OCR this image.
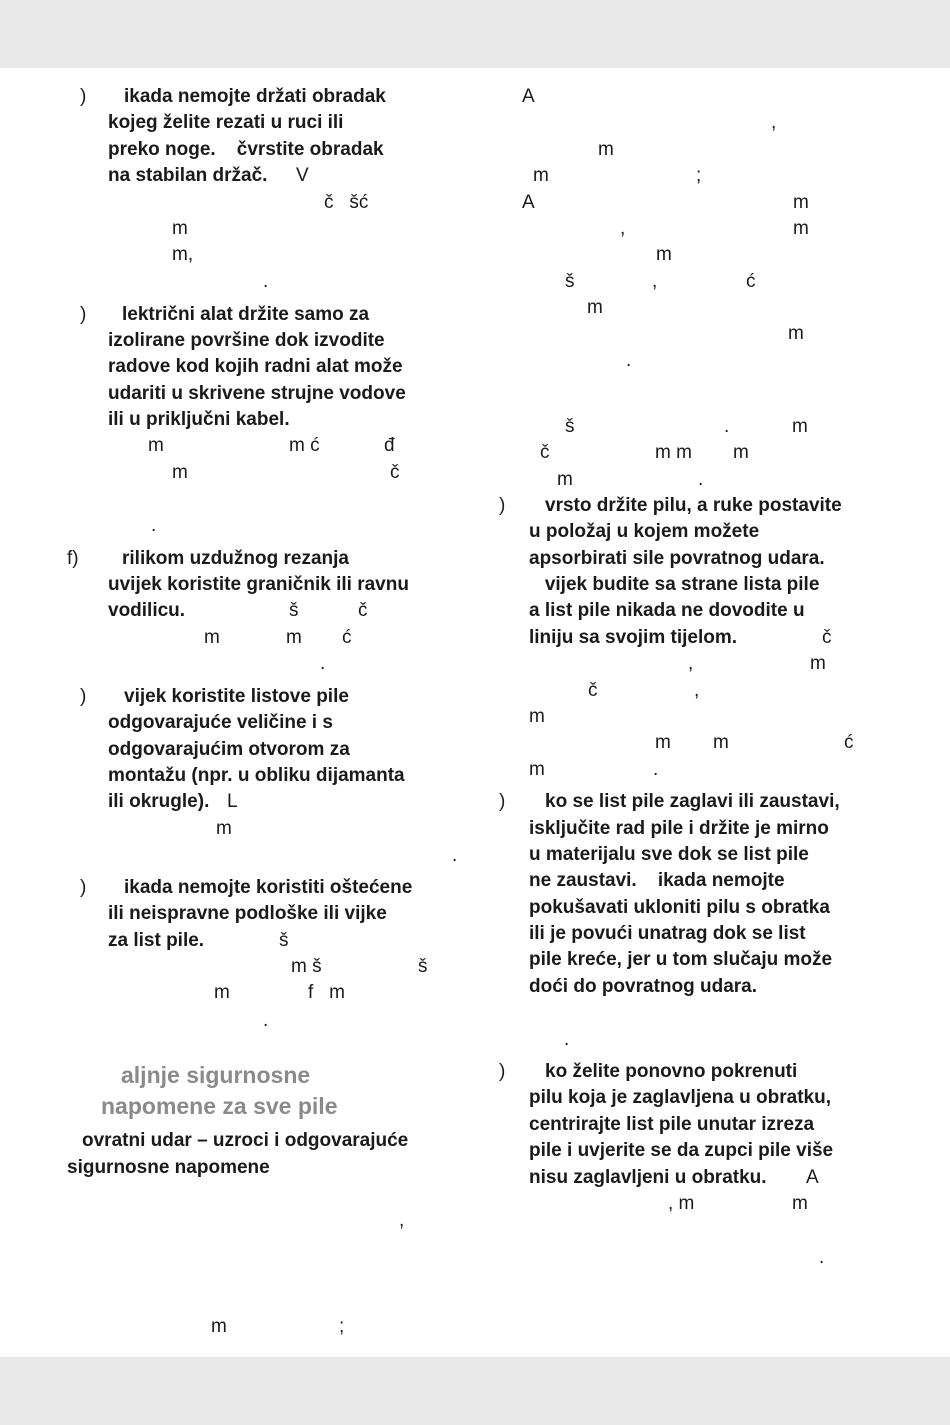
) ikada nemojte držati obradak
kojeg želite rezati u ruci ili
preko noge.    čvrstite obradak
na stabilan držač. V
č   šć
m
m,
.
) lektrični alat držite samo za
izolirane površine dok izvodite
radove kod kojih radni alat može
udariti u skrivene strujne vodove
ili u priključni kabel.
m	m ć	đ
m	č
.
f) rilikom uzdužnog rezanja
uvijek koristite graničnik ili ravnu
vodilicu.	š	č
m	m ć
.
) vijek koristite listove pile
odgovarajuće veličine i s
odgovarajućim otvorom za
montažu (npr. u obliku dijamanta
ili okrugle). L
m
.
) ikada nemojte koristiti oštećene
ili neispravne podloške ili vijke
za list pile.	š
m š	š
m	f   m
.
aljnje sigurnosne
napomene za sve pile
ovratni udar – uzroci i odgovarajuće
sigurnosne napomene
,
m	;
A
,
m
m	;
A	m
,	m
m
š	,	ć
m
m
.
š	.	m
č	m m m
m	.
) vrsto držite pilu, a ruke postavite
u položaj u kojem možete
apsorbirati sile povratnog udara.
vijek budite sa strane lista pile
a list pile nikada ne dovodite u
liniju sa svojim tijelom.	č
,	m
č	,
m
m m	ć
m	.
) ko se list pile zaglavi ili zaustavi,
isključite rad pile i držite je mirno
u materijalu sve dok se list pile
ne zaustavi.    ikada nemojte
pokušavati ukloniti pilu s obratka
ili je povući unatrag dok se list
pile kreće, jer u tom slučaju može
doći do povratnog udara.
.
) ko želite ponovno pokrenuti
pilu koja je zaglavljena u obratku,
centrirajte list pile unutar izreza
pile i uvjerite se da zupci pile više
nisu zaglavljeni u obratku. A
, m	m
.
